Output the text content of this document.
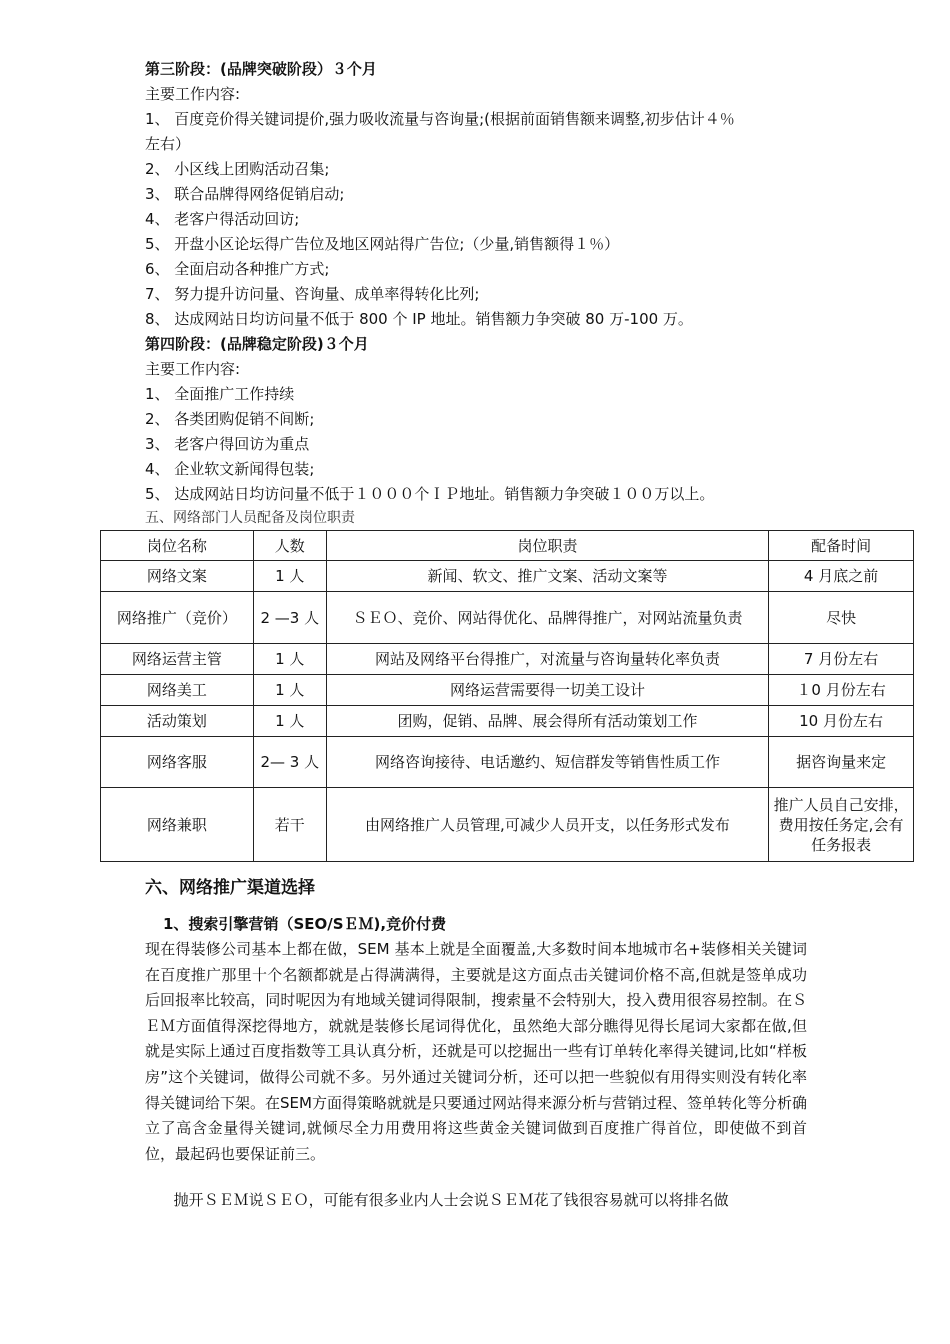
第三阶段：(品牌突破阶段）３个月
主要工作内容:
1、 百度竞价得关键词提价,强力吸收流量与咨询量;(根据前面销售额来调整,初步估计４％
左右）
2、 小区线上团购活动召集;
3、 联合品牌得网络促销启动;
4、 老客户得活动回访;
5、 开盘小区论坛得广告位及地区网站得广告位;（少量,销售额得１％）
6、 全面启动各种推广方式;
7、 努力提升访问量、咨询量、成单率得转化比列;
8、 达成网站日均访问量不低于 800 个 IP 地址。销售额力争突破 80 万-100 万。
第四阶段：(品牌稳定阶段)３个月
主要工作内容:
1、 全面推广工作持续
2、 各类团购促销不间断;
3、 老客户得回访为重点
4、 企业软文新闻得包装;
5、 达成网站日均访问量不低于１０００个ＩＰ地址。销售额力争突破１００万以上。
五、网络部门人员配备及岗位职责
岗位名称	人数	岗位职责	配备时间
网络文案	1 人	新闻、软文、推广文案、活动文案等	4 月底之前
网络推广（竞价）	2 —3 人	ＳＥＯ、竞价、网站得优化、品牌得推广，对网站流量负责	尽快
网络运营主管	1 人	网站及网络平台得推广，对流量与咨询量转化率负责	7 月份左右
网络美工	1 人	网络运营需要得一切美工设计	１0 月份左右
活动策划	1 人	团购，促销、品牌、展会得所有活动策划工作	10 月份左右
网络客服	2— 3 人	网络咨询接待、电话邀约、短信群发等销售性质工作	据咨询量来定
网络兼职	若干	由网络推广人员管理,可减少人员开支，以任务形式发布	推广人员自己安排，费用按任务定,会有任务报表
六、网络推广渠道选择
1、搜索引擎营销（SEO/SＥＭ),竞价付费
现在得装修公司基本上都在做，SEM 基本上就是全面覆盖,大多数时间本地城市名+装修相关关键词在百度推广那里十个名额都就是占得满满得，主要就是这方面点击关键词价格不高,但就是签单成功后回报率比较高，同时呢因为有地域关键词得限制，搜索量不会特别大，投入费用很容易控制。在ＳＥＭ方面值得深挖得地方，就就是装修长尾词得优化，虽然绝大部分瞧得见得长尾词大家都在做,但就是实际上通过百度指数等工具认真分析，还就是可以挖掘出一些有订单转化率得关键词,比如“样板房”这个关键词，做得公司就不多。另外通过关键词分析，还可以把一些貌似有用得实则没有转化率得关键词给下架。在SEM方面得策略就就是只要通过网站得来源分析与营销过程、签单转化等分析确立了高含金量得关键词,就倾尽全力用费用将这些黄金关键词做到百度推广得首位，即使做不到首位，最起码也要保证前三。
抛开ＳＥＭ说ＳＥＯ，可能有很多业内人士会说ＳＥＭ花了钱很容易就可以将排名做
